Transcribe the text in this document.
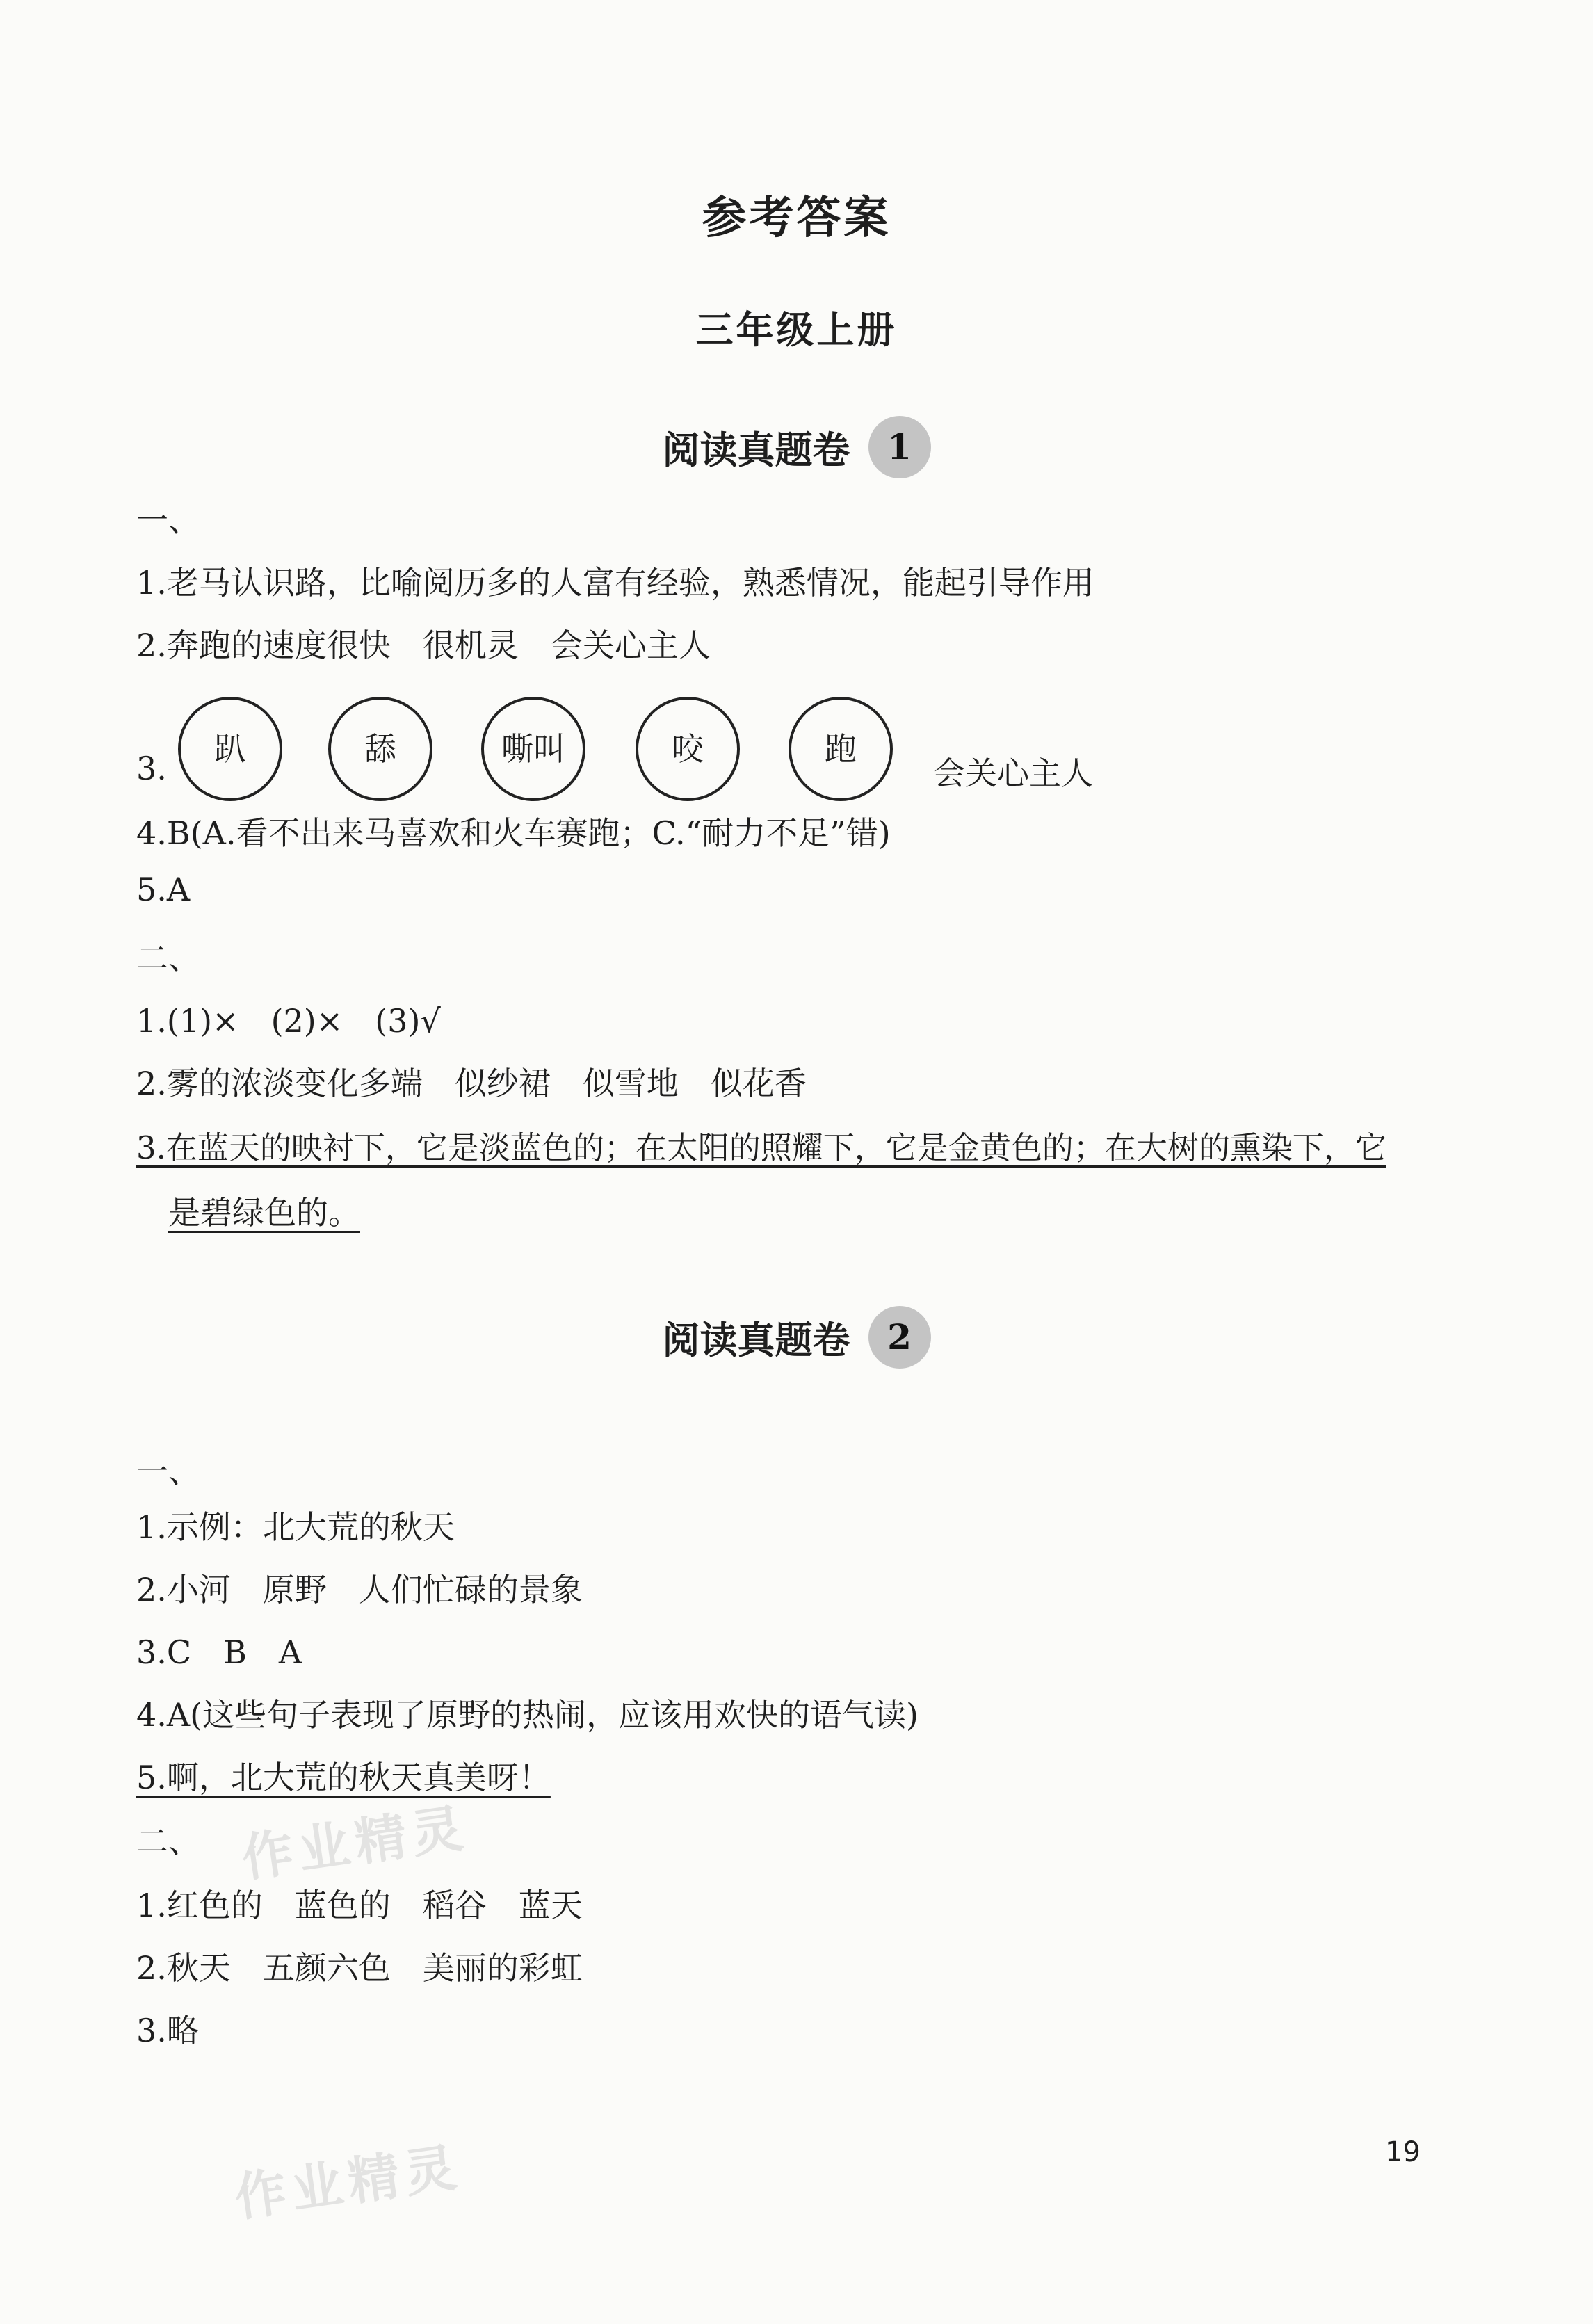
参考答案
三年级上册
阅读真题卷	1
一、
1.老马认识路，比喻阅历多的人富有经验，熟悉情况，能起引导作用
2.奔跑的速度很快　很机灵　会关心主人
3.
趴	舔	嘶叫	咬	跑
会关心主人
4.B(A.看不出来马喜欢和火车赛跑；C.“耐力不足”错)
5.A
二、
1.(1)×　(2)×　(3)√
2.雾的浓淡变化多端　似纱裙　似雪地　似花香
3.在蓝天的映衬下，它是淡蓝色的；在太阳的照耀下，它是金黄色的；在大树的熏染下，它
是碧绿色的。
阅读真题卷	2
一、
1.示例：北大荒的秋天
2.小河　原野　人们忙碌的景象
3.C　B　A
4.A(这些句子表现了原野的热闹，应该用欢快的语气读)
5.啊，北大荒的秋天真美呀！
二、
1.红色的　蓝色的　稻谷　蓝天
2.秋天　五颜六色　美丽的彩虹
3.略
作业精灵
作业精灵	19
